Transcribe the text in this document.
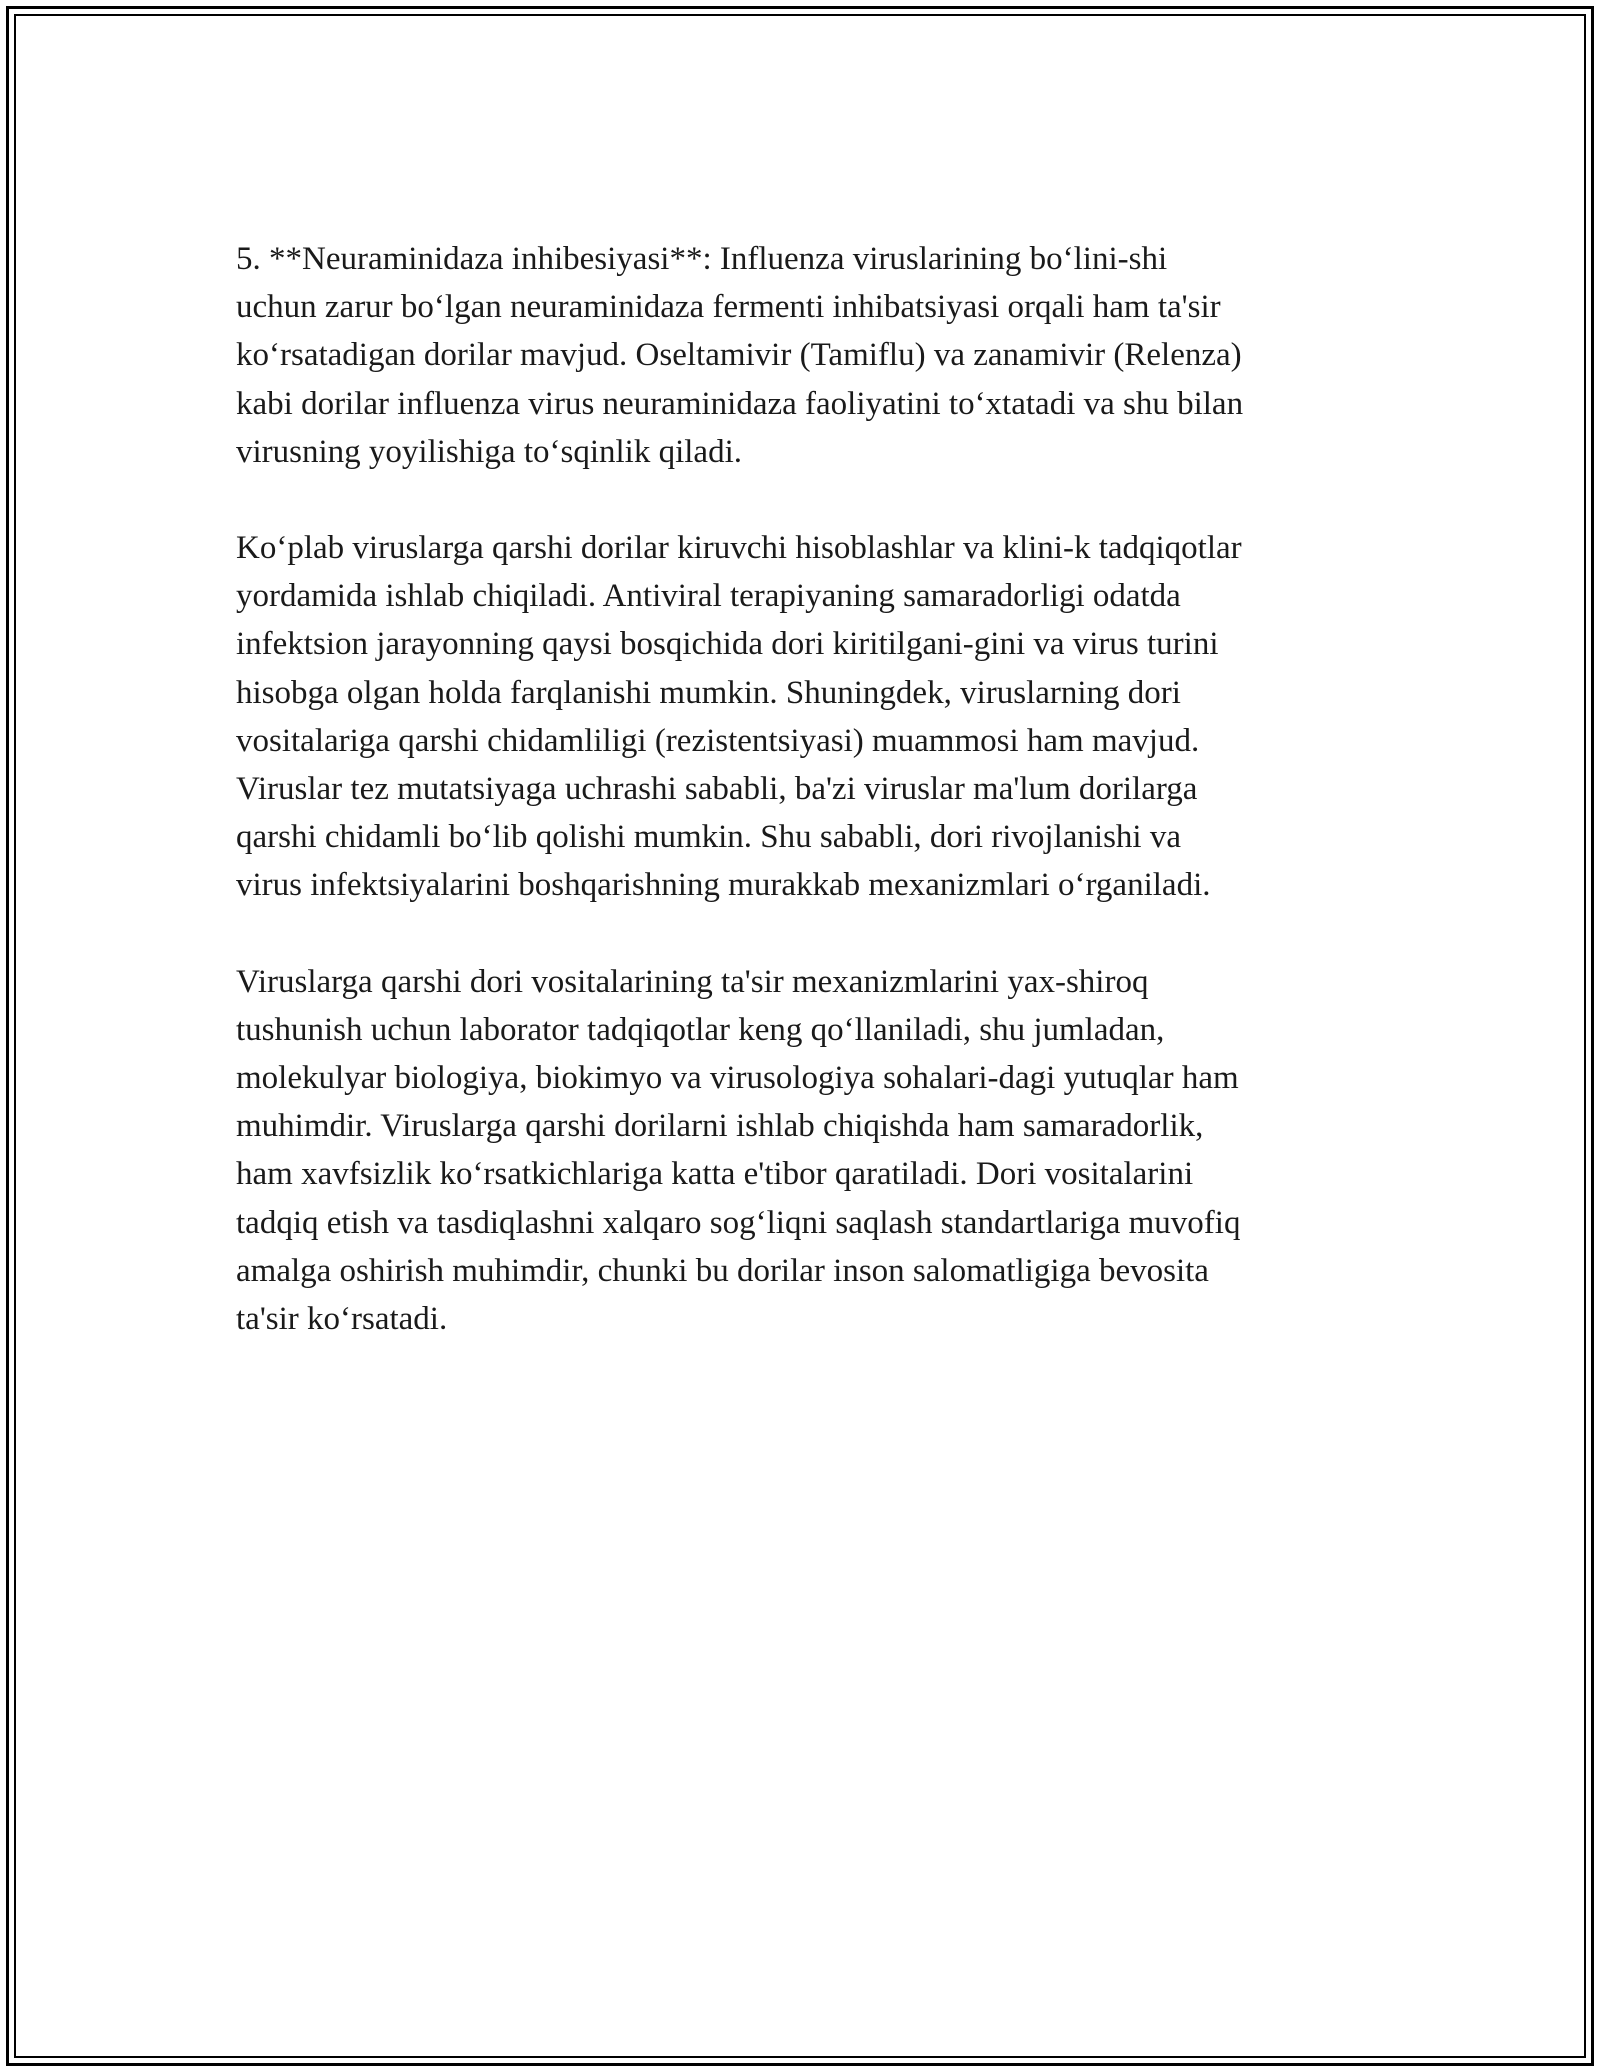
5. **Neuraminidaza inhibesiyasi**: Influenza viruslarining bo‘lini-shi
uchun zarur bo‘lgan neuraminidaza fermenti inhibatsiyasi orqali ham ta'sir
ko‘rsatadigan dorilar mavjud. Oseltamivir (Tamiflu) va zanamivir (Relenza)
kabi dorilar influenza virus neuraminidaza faoliyatini to‘xtatadi va shu bilan
virusning yoyilishiga to‘sqinlik qiladi.

Ko‘plab viruslarga qarshi dorilar kiruvchi hisoblashlar va klini-k tadqiqotlar
yordamida ishlab chiqiladi. Antiviral terapiyaning samaradorligi odatda
infektsion jarayonning qaysi bosqichida dori kiritilgani-gini va virus turini
hisobga olgan holda farqlanishi mumkin. Shuningdek, viruslarning dori
vositalariga qarshi chidamliligi (rezistentsiyasi) muammosi ham mavjud.
Viruslar tez mutatsiyaga uchrashi sababli, ba'zi viruslar ma'lum dorilarga
qarshi chidamli bo‘lib qolishi mumkin. Shu sababli, dori rivojlanishi va
virus infektsiyalarini boshqarishning murakkab mexanizmlari o‘rganiladi.

Viruslarga qarshi dori vositalarining ta'sir mexanizmlarini yax-shiroq
tushunish uchun laborator tadqiqotlar keng qo‘llaniladi, shu jumladan,
molekulyar biologiya, biokimyo va virusologiya sohalari-dagi yutuqlar ham
muhimdir. Viruslarga qarshi dorilarni ishlab chiqishda ham samaradorlik,
ham xavfsizlik ko‘rsatkichlariga katta e'tibor qaratiladi. Dori vositalarini
tadqiq etish va tasdiqlashni xalqaro sog‘liqni saqlash standartlariga muvofiq
amalga oshirish muhimdir, chunki bu dorilar inson salomatligiga bevosita
ta'sir ko‘rsatadi.
